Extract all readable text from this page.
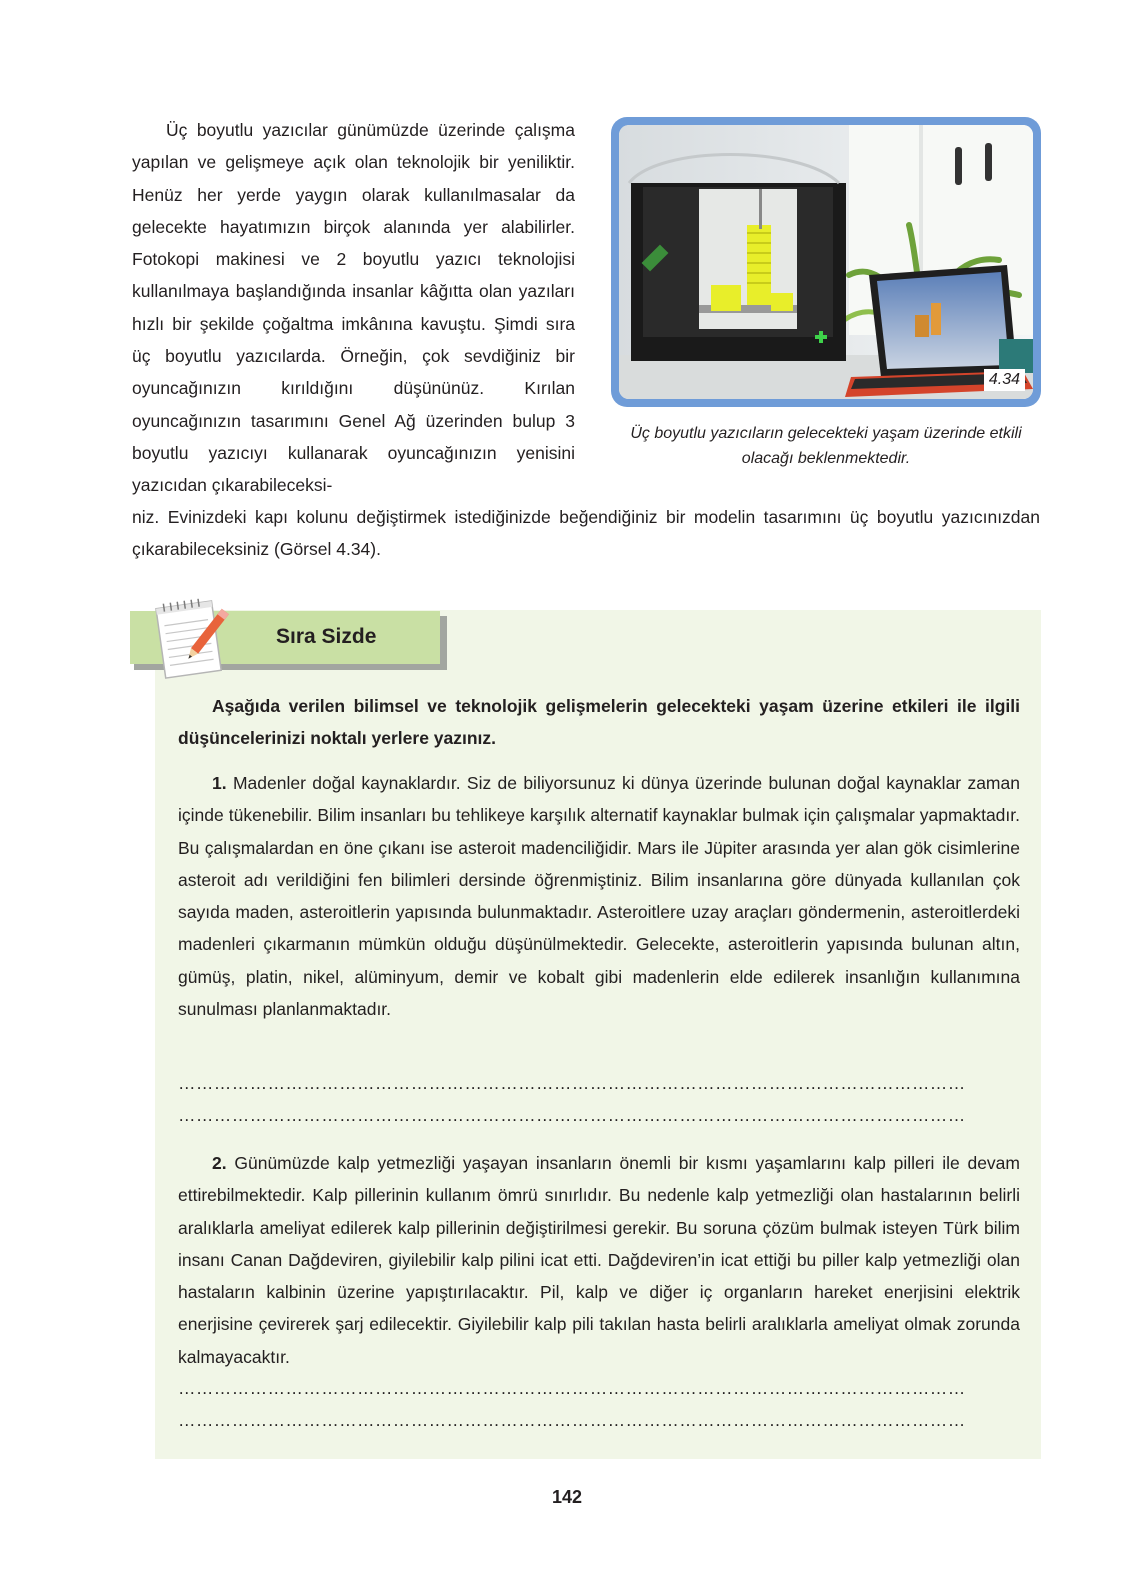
Üç boyutlu yazıcılar günümüzde üzerinde çalışma yapılan ve gelişmeye açık olan teknolojik bir yeniliktir. Henüz her yerde yaygın olarak kullanılmasalar da gelecekte hayatımızın birçok alanında yer alabilirler. Fotokopi makinesi ve 2 boyutlu yazıcı teknolojisi kullanılmaya başlandığında insanlar kâğıtta olan yazıları hızlı bir şekilde çoğaltma imkânına kavuştu. Şimdi sıra üç boyutlu yazıcılarda. Örneğin, çok sevdiğiniz bir oyuncağınızın kırıldığını düşününüz. Kırılan oyuncağınızın tasarımını Genel Ağ üzerinden bulup 3 boyutlu yazıcıyı kullanarak oyuncağınızın yenisini yazıcıdan çıkarabileceksi-

niz. Evinizdeki kapı kolunu değiştirmek istediğinizde beğendiğiniz bir modelin tasarımını üç boyutlu yazıcınızdan çıkarabileceksiniz (Görsel 4.34).

4.34
Üç boyutlu yazıcıların gelecekteki yaşam üzerinde etkili olacağı beklenmektedir.
Sıra Sizde

Aşağıda verilen bilimsel ve teknolojik gelişmelerin gelecekteki yaşam üzerine etkileri ile ilgili düşüncelerinizi noktalı yerlere yazınız.

1. Madenler doğal kaynaklardır. Siz de biliyorsunuz ki dünya üzerinde bulunan doğal kaynaklar zaman içinde tükenebilir. Bilim insanları bu tehlikeye karşılık alternatif kaynaklar bulmak için çalışmalar yapmaktadır. Bu çalışmalardan en öne çıkanı ise asteroit madenciliğidir. Mars ile Jüpiter arasında yer alan gök cisimlerine asteroit adı verildiğini fen bilimleri dersinde öğrenmiştiniz. Bilim insanlarına göre dünyada kullanılan çok sayıda maden, asteroitlerin yapısında bulunmaktadır. Asteroitlere uzay araçları göndermenin, asteroitlerdeki madenleri çıkarmanın mümkün olduğu düşünülmektedir. Gelecekte, asteroitlerin yapısında bulunan altın, gümüş, platin, nikel, alüminyum, demir ve kobalt gibi madenlerin elde edilerek insanlığın kullanımına sunulması planlanmaktadır.

……………………………………………………………………………………………………………………
……………………………………………………………………………………………………………………

2. Günümüzde kalp yetmezliği yaşayan insanların önemli bir kısmı yaşamlarını kalp pilleri ile devam ettirebilmektedir. Kalp pillerinin kullanım ömrü sınırlıdır. Bu nedenle kalp yetmezliği olan hastalarının belirli aralıklarla ameliyat edilerek kalp pillerinin değiştirilmesi gerekir. Bu soruna çözüm bulmak isteyen Türk bilim insanı Canan Dağdeviren, giyilebilir kalp pilini icat etti. Dağdeviren’in icat ettiği bu piller kalp yetmezliği olan hastaların kalbinin üzerine yapıştırılacaktır. Pil, kalp ve diğer iç organların hareket enerjisini elektrik enerjisine çevirerek şarj edilecektir. Giyilebilir kalp pili takılan hasta belirli aralıklarla ameliyat olmak zorunda kalmayacaktır.

……………………………………………………………………………………………………………………
……………………………………………………………………………………………………………………
142
